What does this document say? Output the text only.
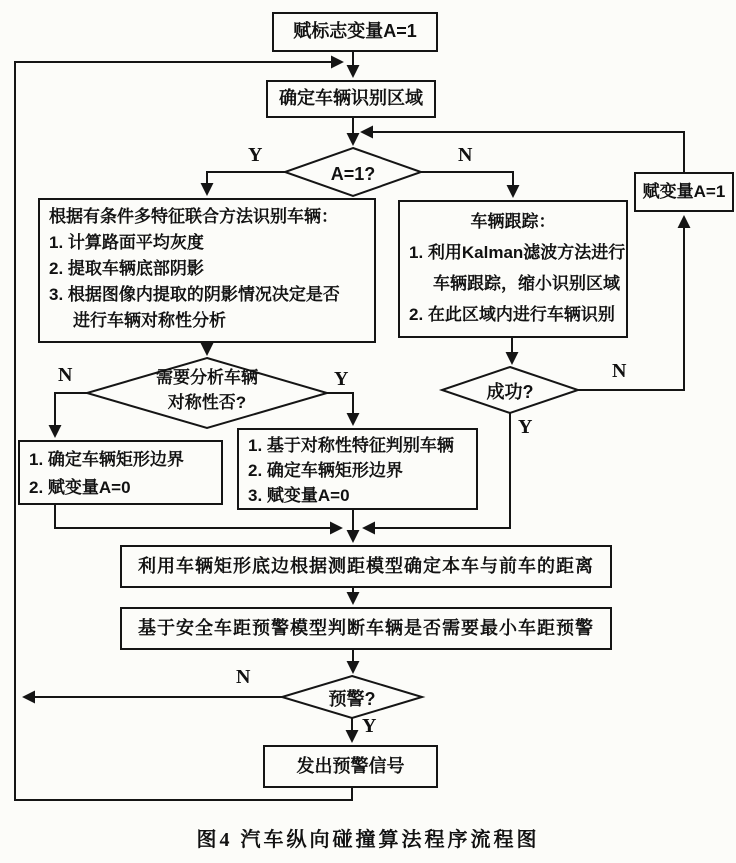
赋标志变量A=1
确定车辆识别区域
赋变量A=1
根据有条件多特征联合方法识别车辆：
1. 计算路面平均灰度
2. 提取车辆底部阴影
3. 根据图像内提取的阴影情况决定是否
进行车辆对称性分析
车辆跟踪：
1. 利用Kalman滤波方法进行
车辆跟踪，缩小识别区域
2. 在此区域内进行车辆识别
1. 确定车辆矩形边界
2. 赋变量A=0
1. 基于对称性特征判别车辆
2. 确定车辆矩形边界
3. 赋变量A=0
利用车辆矩形底边根据测距模型确定本车与前车的距离
基于安全车距预警模型判断车辆是否需要最小车距预警
发出预警信号
A=1?
需要分析车辆
对称性否?
成功?
预警?
Y	N
N	Y	N
Y
N
Y
图4 汽车纵向碰撞算法程序流程图
